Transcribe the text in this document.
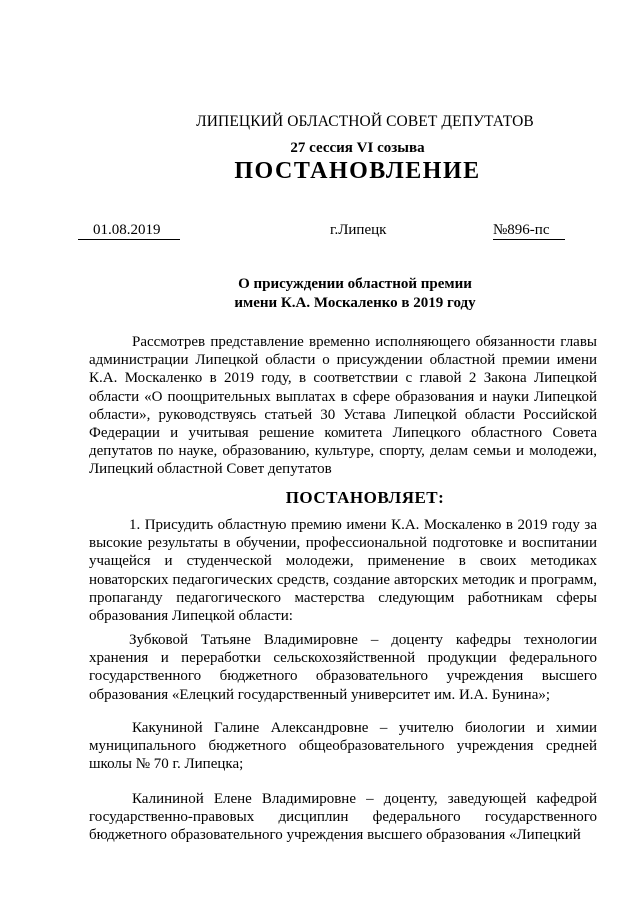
ЛИПЕЦКИЙ ОБЛАСТНОЙ СОВЕТ ДЕПУТАТОВ
27 сессия VI созыва
ПОСТАНОВЛЕНИЕ
01.08.2019	г.Липецк	№896-пс
О присуждении областной премии
имени К.А. Москаленко в 2019 году
Рассмотрев представление временно исполняющего обязанности главы администрации Липецкой области о присуждении областной премии имени К.А. Москаленко в 2019 году, в соответствии с главой 2 Закона Липецкой области «О поощрительных выплатах в сфере образования и науки Липецкой области», руководствуясь статьей 30 Устава Липецкой области Российской Федерации и учитывая решение комитета Липецкого областного Совета депутатов по науке, образованию, культуре, спорту, делам семьи и молодежи, Липецкий областной Совет депутатов
ПОСТАНОВЛЯЕТ:
1. Присудить областную премию имени К.А. Москаленко в 2019 году за высокие результаты в обучении, профессиональной подготовке и воспитании учащейся и студенческой молодежи, применение в своих методиках новаторских педагогических средств, создание авторских методик и программ, пропаганду педагогического мастерства следующим работникам сферы образования Липецкой области:
Зубковой Татьяне Владимировне – доценту кафедры технологии хранения и переработки сельскохозяйственной продукции федерального государственного бюджетного образовательного учреждения высшего образования «Елецкий государственный университет им. И.А. Бунина»;
Какуниной Галине Александровне – учителю биологии и химии муниципального бюджетного общеобразовательного учреждения средней школы № 70 г. Липецка;
Калининой Елене Владимировне – доценту, заведующей кафедрой государственно-правовых дисциплин федерального государственного бюджетного образовательного учреждения высшего образования «Липецкий
